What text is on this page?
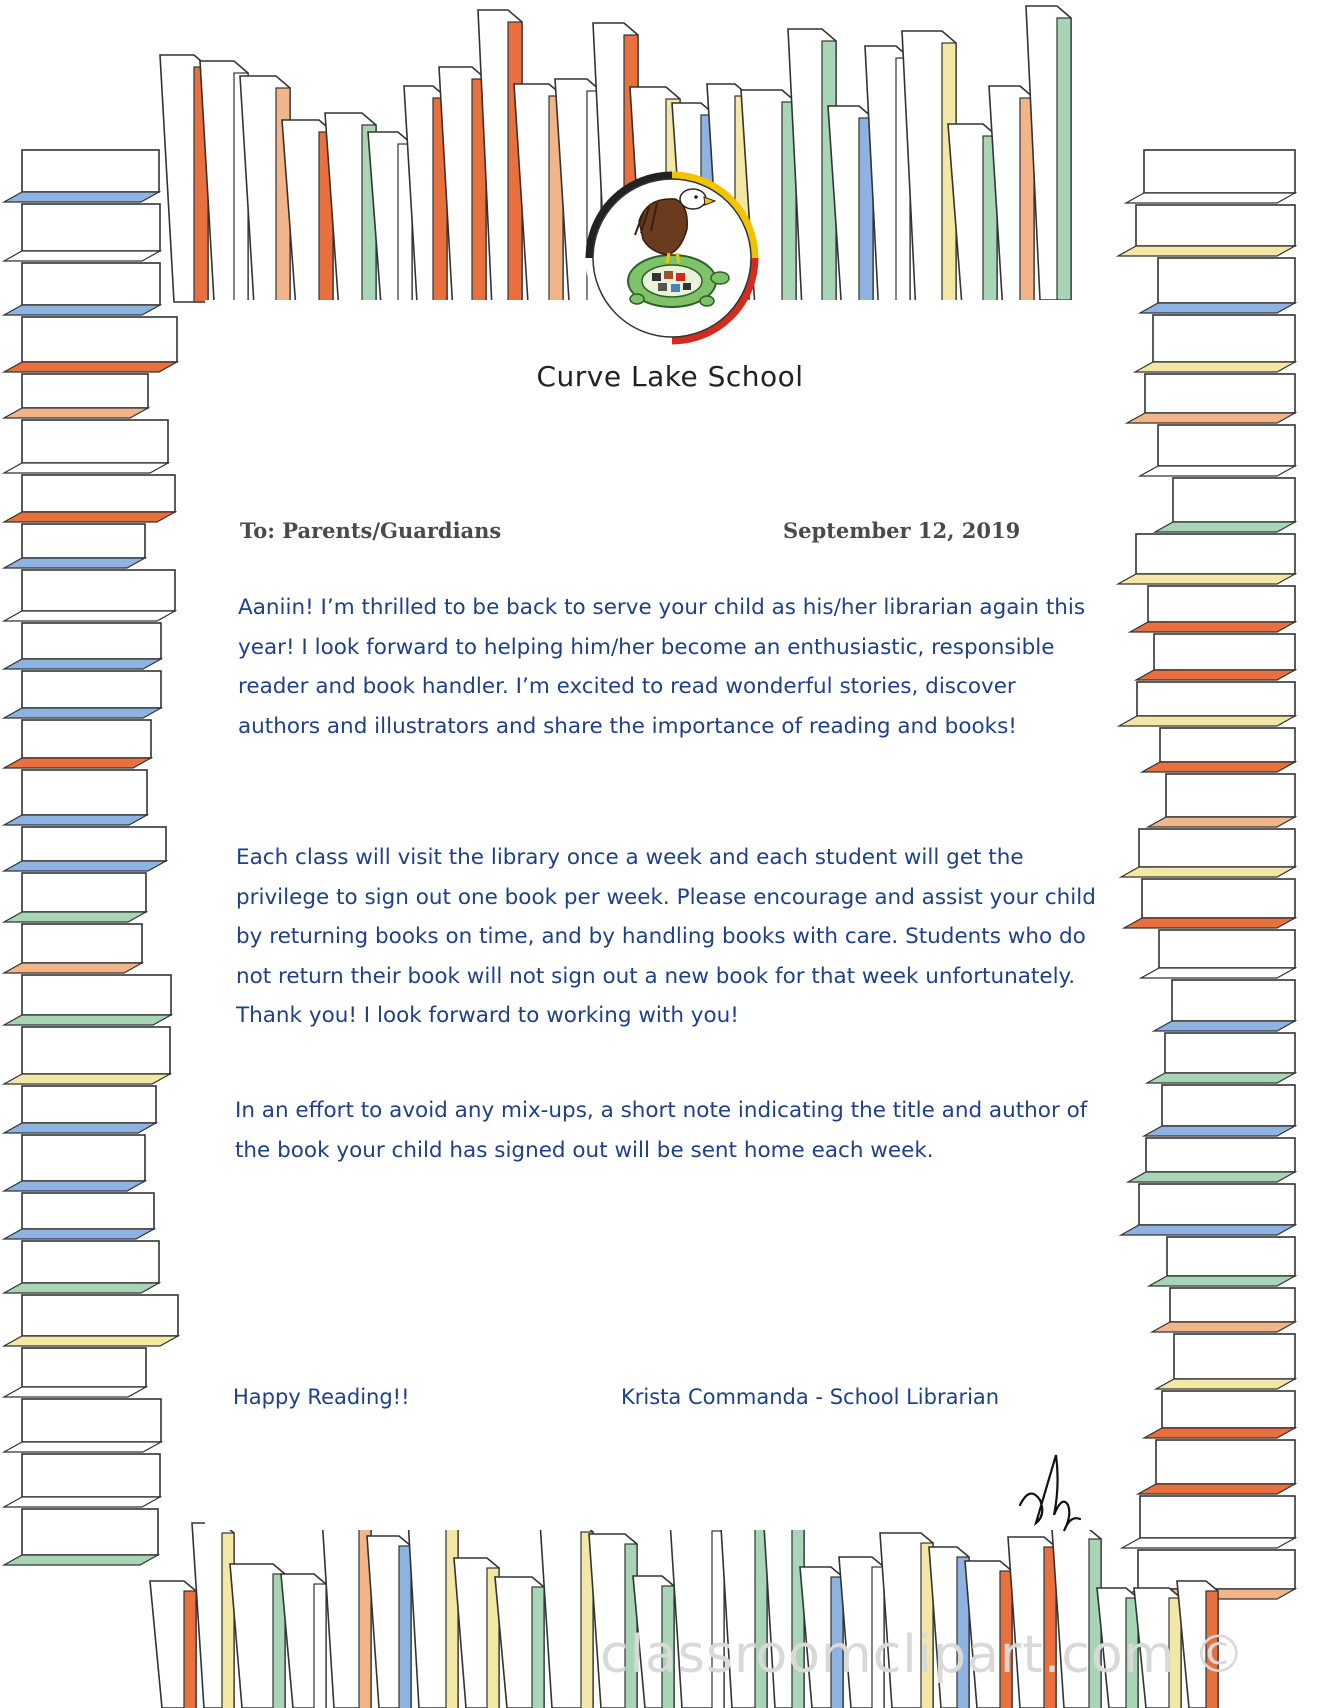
Curve Lake School
To: Parents/Guardians	September 12, 2019

Aaniin! I’m thrilled to be back to serve your child as his/her librarian again this year! I look forward to helping him/her become an enthusiastic, responsible reader and book handler. I’m excited to read wonderful stories, discover authors and illustrators and share the importance of reading and books!

Each class will visit the library once a week and each student will get the privilege to sign out one book per week. Please encourage and assist your child by returning books on time, and by handling books with care. Students who do not return their book will not sign out a new book for that week unfortunately. Thank you! I look forward to working with you!

In an effort to avoid any mix-ups, a short note indicating the title and author of the book your child has signed out will be sent home each week.

Happy Reading!!	Krista Commanda - School Librarian
classroomclipart.com ©
